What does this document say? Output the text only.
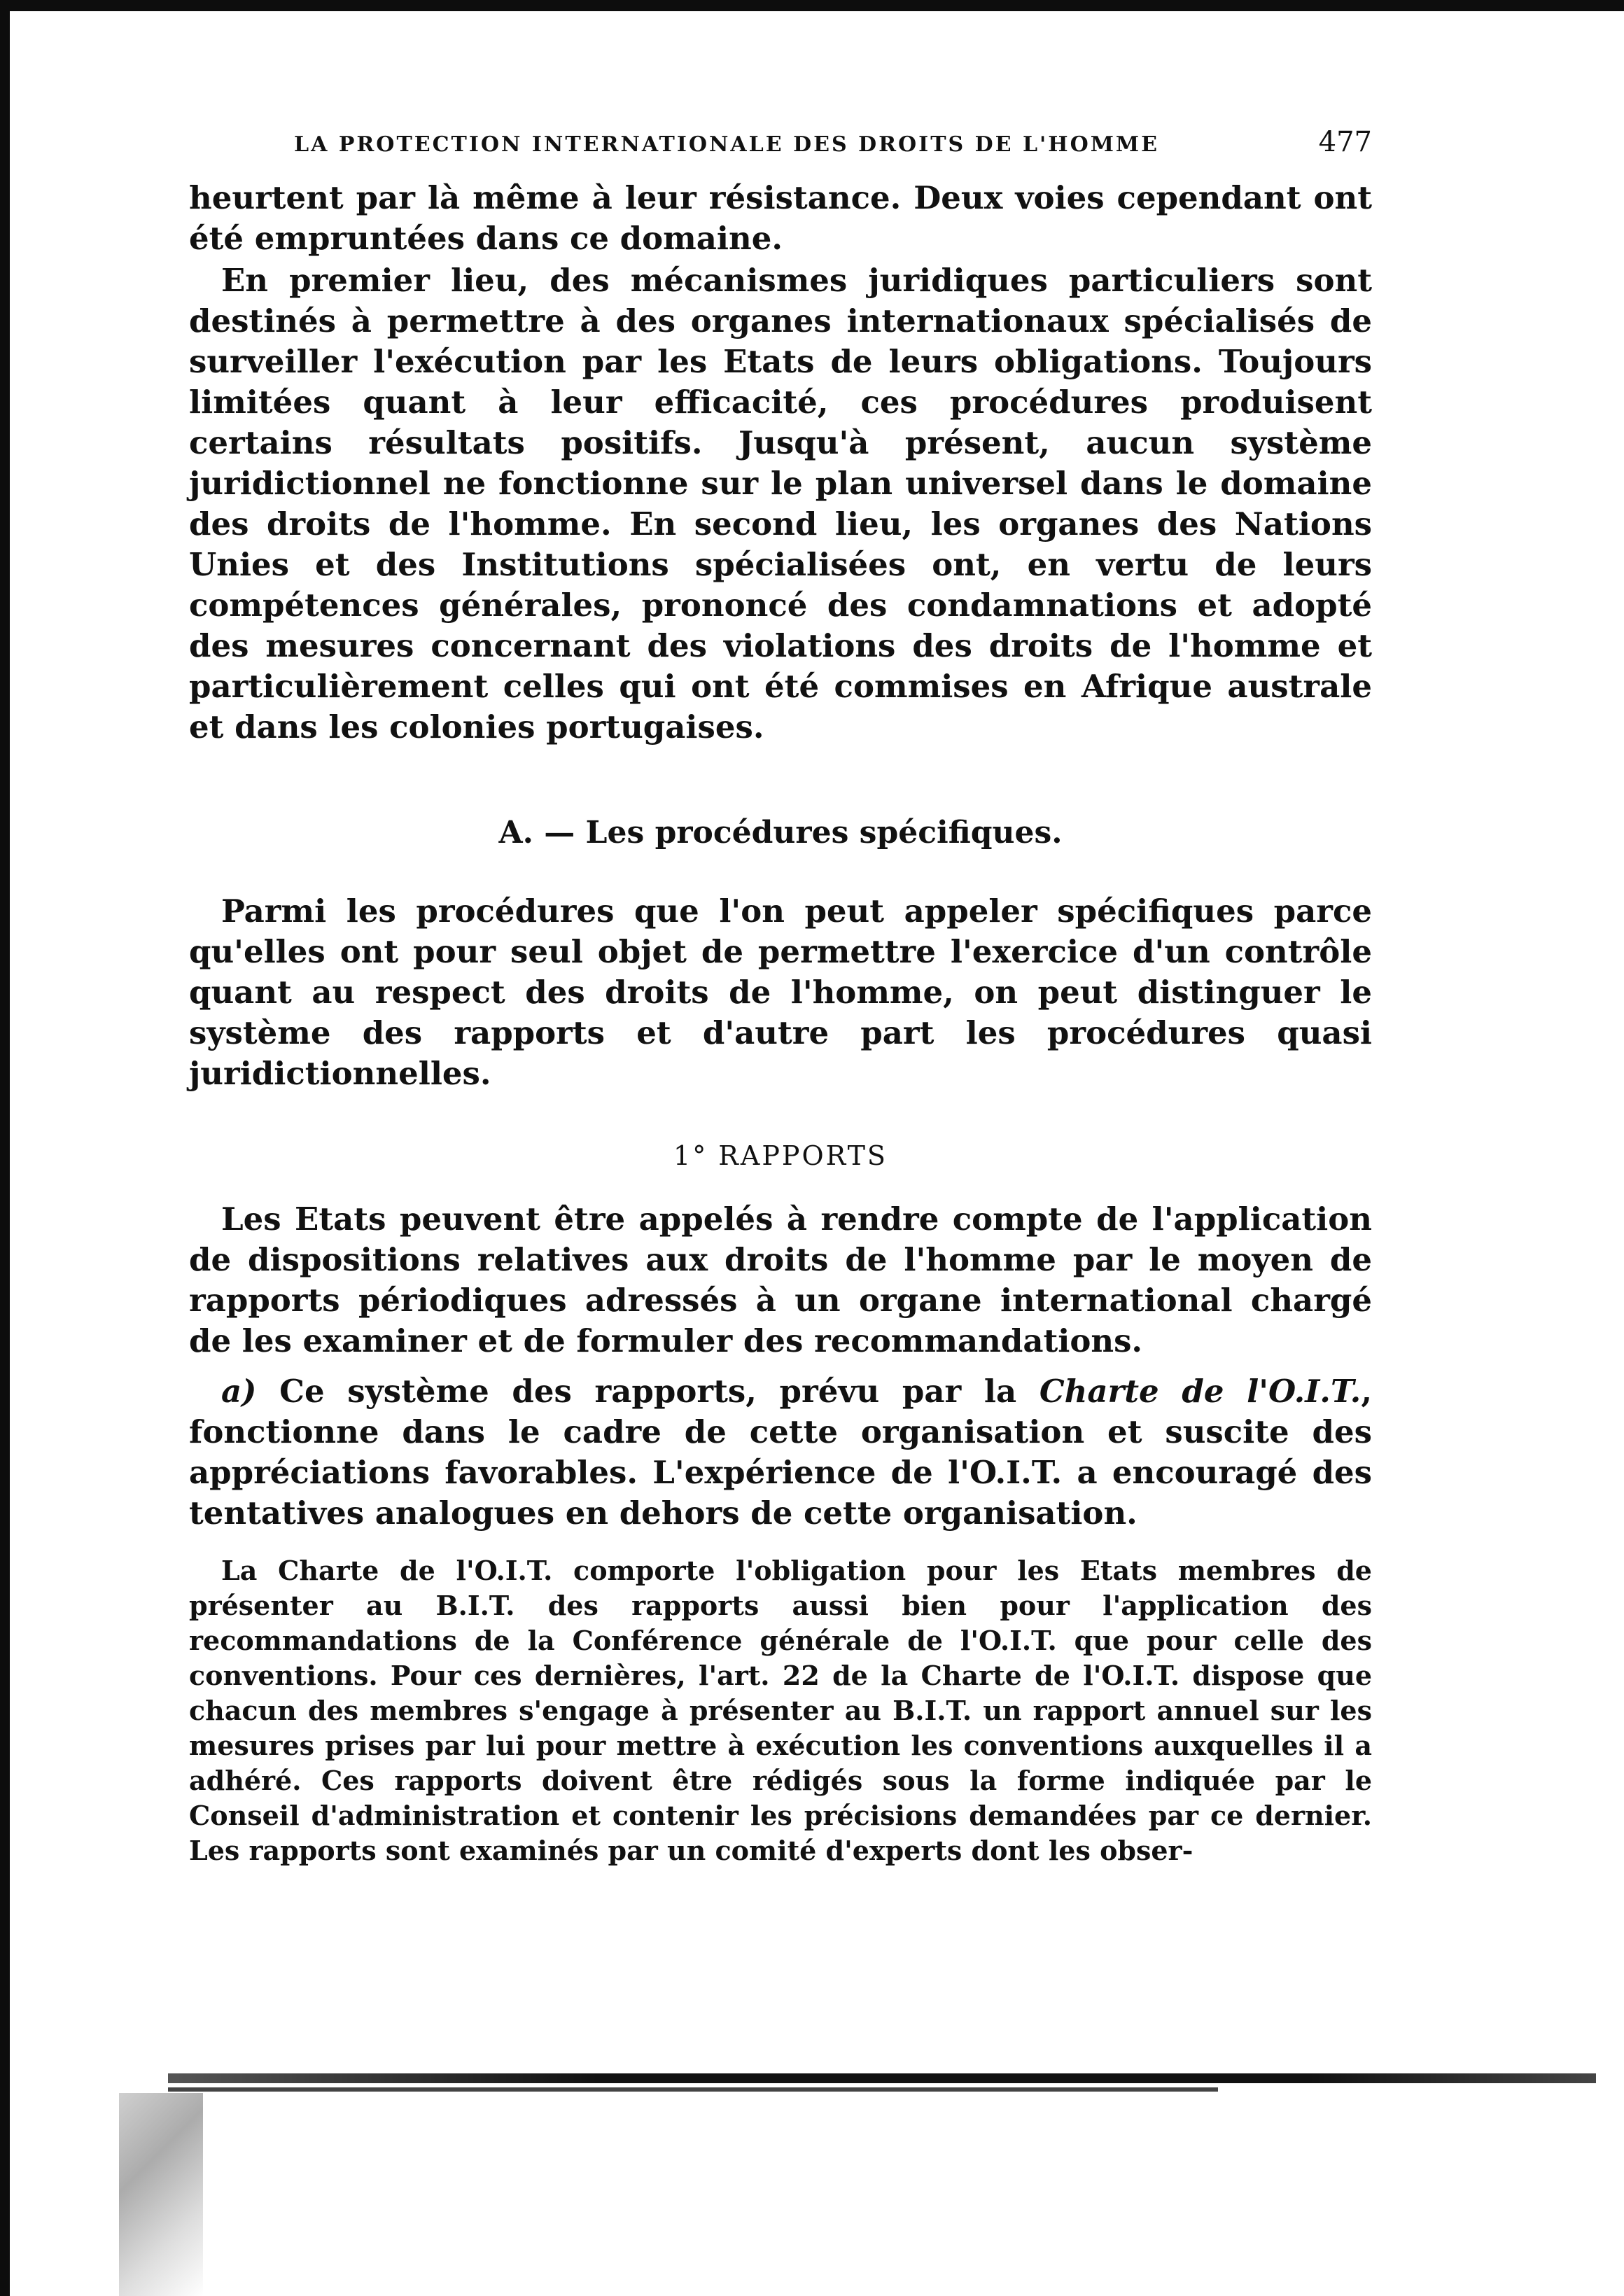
LA PROTECTION INTERNATIONALE DES DROITS DE L'HOMME	477

heurtent par là même à leur résistance. Deux voies cependant ont été empruntées dans ce domaine.

En premier lieu, des mécanismes juridiques particuliers sont destinés à permettre à des organes internationaux spécialisés de surveiller l'exécution par les Etats de leurs obligations. Toujours limitées quant à leur efficacité, ces procédures produisent certains résultats positifs. Jusqu'à présent, aucun système juridictionnel ne fonctionne sur le plan universel dans le domaine des droits de l'homme. En second lieu, les organes des Nations Unies et des Institutions spécialisées ont, en vertu de leurs compétences générales, prononcé des condamnations et adopté des mesures concernant des violations des droits de l'homme et particulièrement celles qui ont été commises en Afrique australe et dans les colonies portugaises.

A. — Les procédures spécifiques.

Parmi les procédures que l'on peut appeler spécifiques parce qu'elles ont pour seul objet de permettre l'exercice d'un contrôle quant au respect des droits de l'homme, on peut distinguer le système des rapports et d'autre part les procédures quasi juridictionnelles.

1° RAPPORTS

Les Etats peuvent être appelés à rendre compte de l'application de dispositions relatives aux droits de l'homme par le moyen de rapports périodiques adressés à un organe international chargé de les examiner et de formuler des recommandations.

a) Ce système des rapports, prévu par la Charte de l'O.I.T., fonctionne dans le cadre de cette organisation et suscite des appréciations favorables. L'expérience de l'O.I.T. a encouragé des tentatives analogues en dehors de cette organisation.

La Charte de l'O.I.T. comporte l'obligation pour les Etats membres de présenter au B.I.T. des rapports aussi bien pour l'application des recommandations de la Conférence générale de l'O.I.T. que pour celle des conventions. Pour ces dernières, l'art. 22 de la Charte de l'O.I.T. dispose que chacun des membres s'engage à présenter au B.I.T. un rapport annuel sur les mesures prises par lui pour mettre à exécution les conventions auxquelles il a adhéré. Ces rapports doivent être rédigés sous la forme indiquée par le Conseil d'administration et contenir les précisions demandées par ce dernier. Les rapports sont examinés par un comité d'experts dont les obser-
